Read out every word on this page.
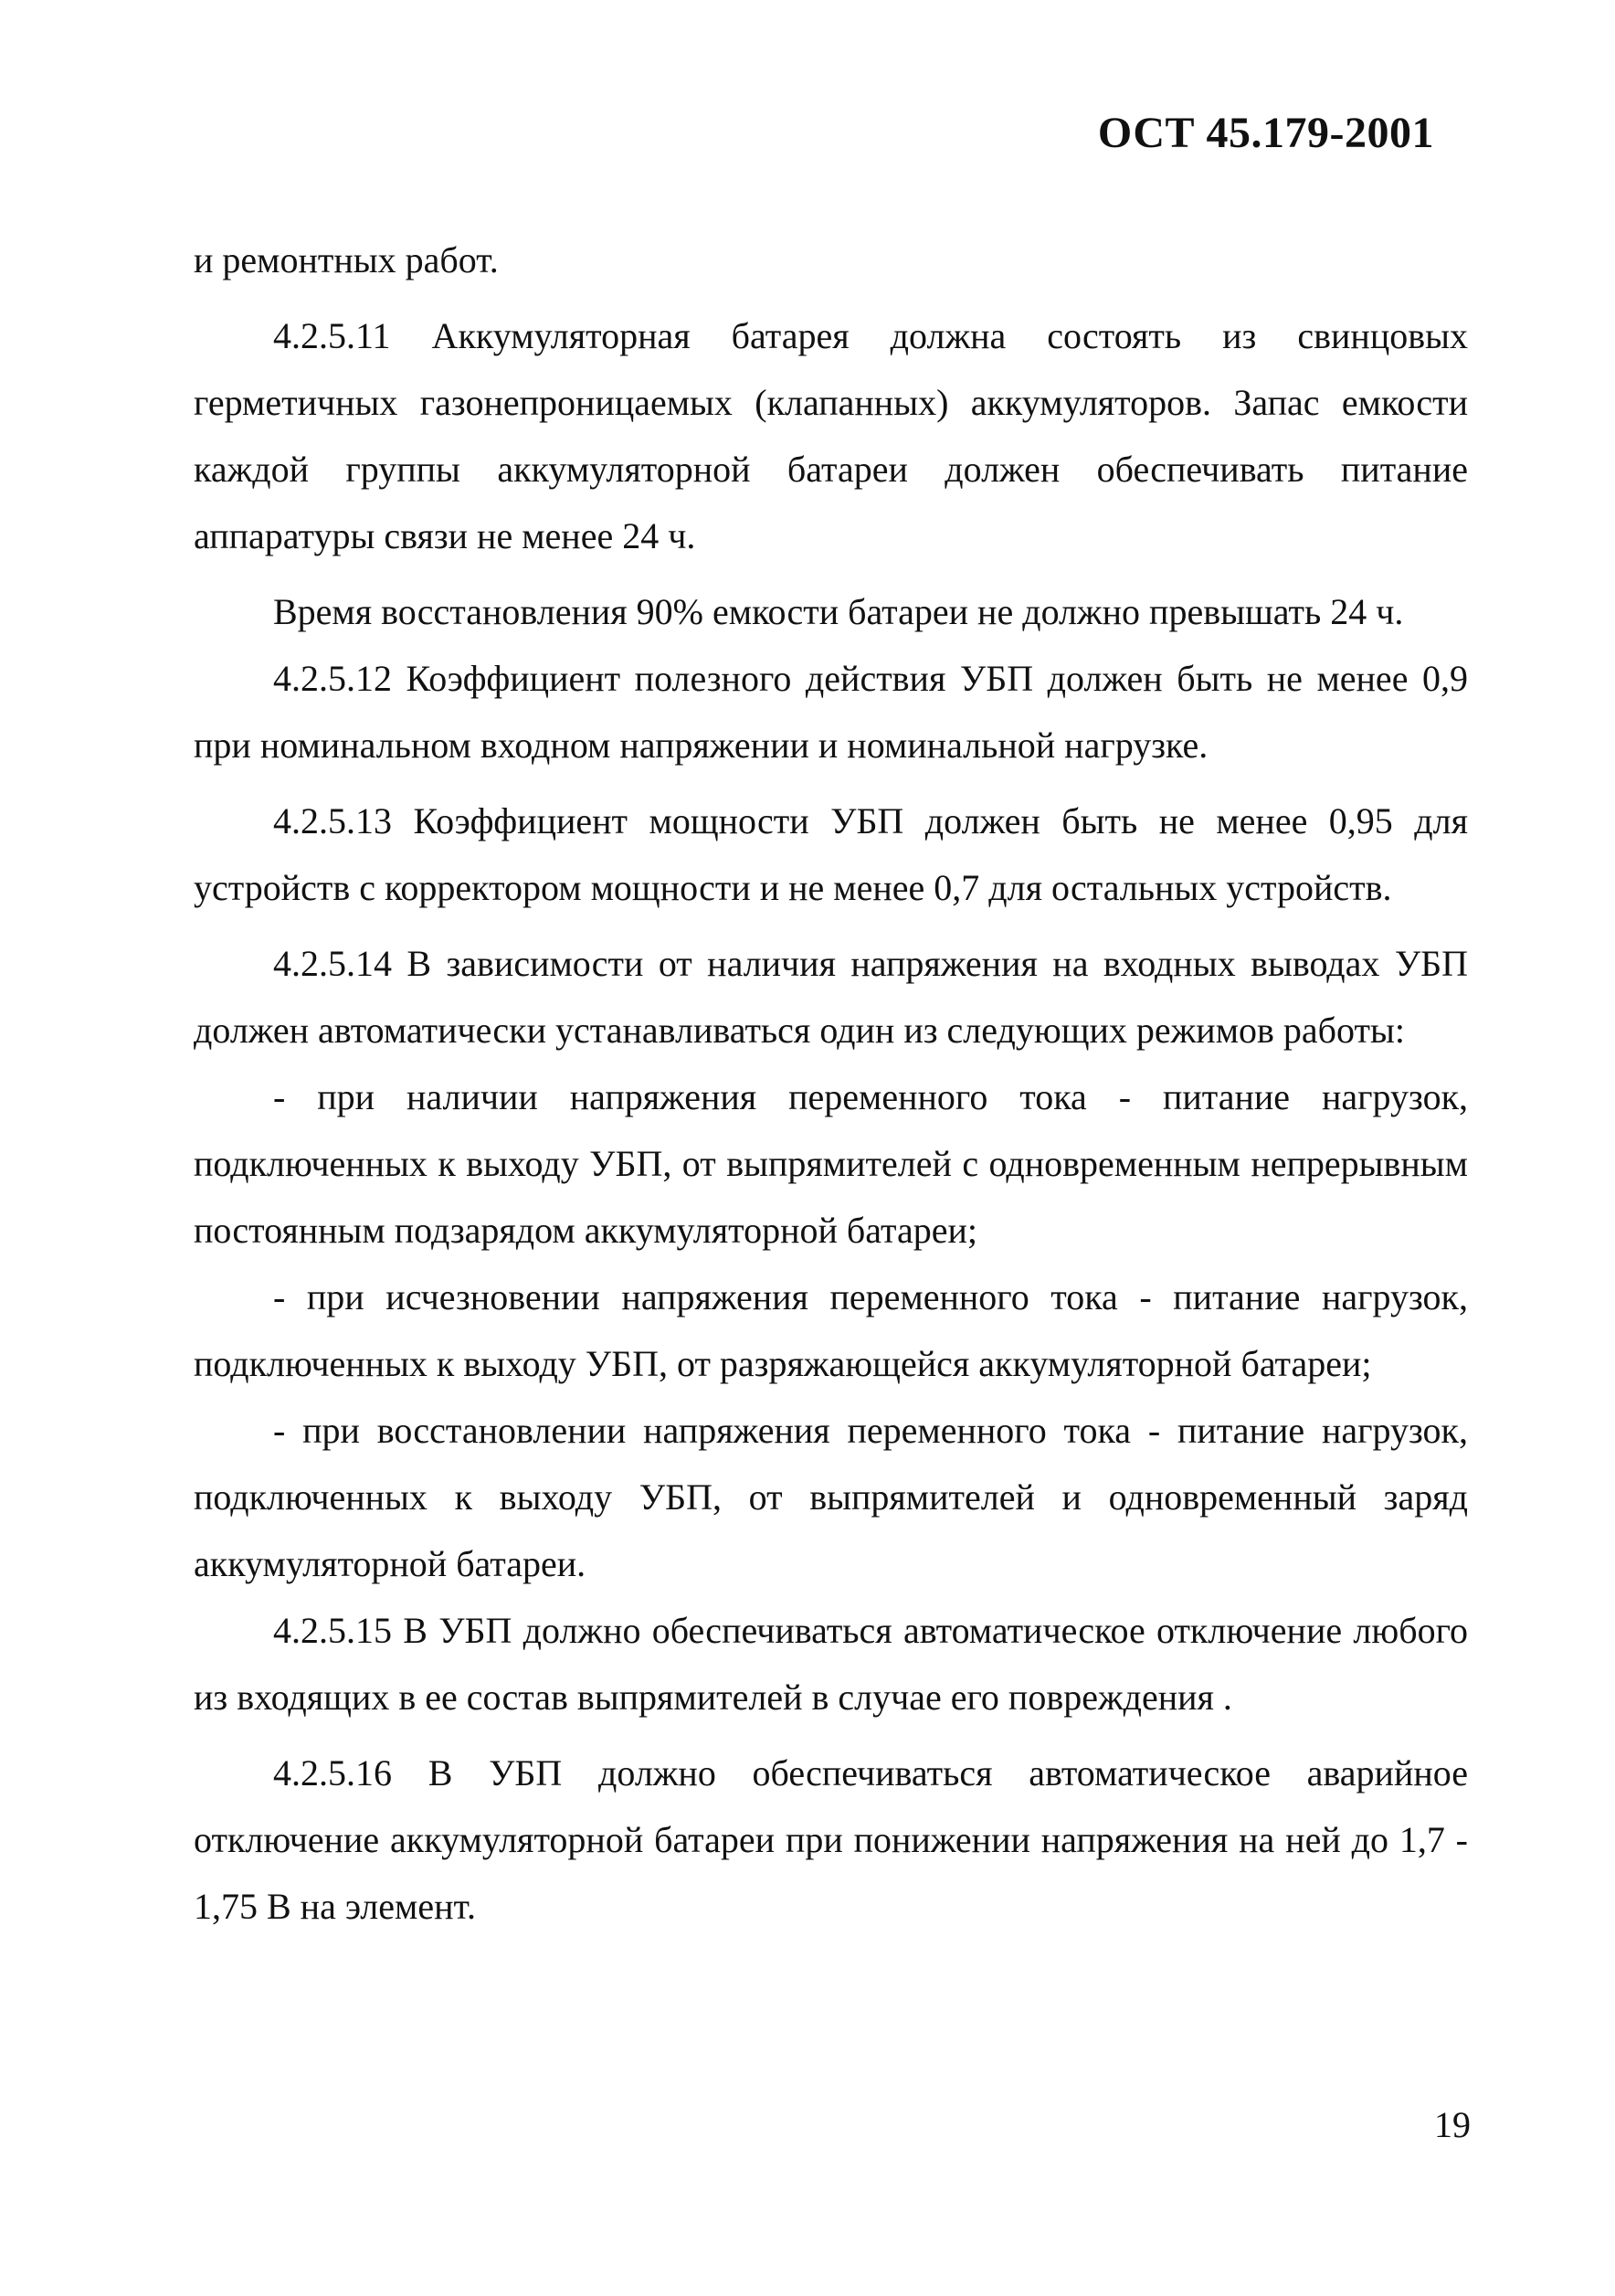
ОСТ 45.179-2001

и ремонтных работ.

4.2.5.11 Аккумуляторная батарея должна состоять из свинцовых герметичных газонепроницаемых (клапанных) аккумуляторов. Запас емкости каждой группы аккумуляторной батареи должен обеспечивать питание аппаратуры связи не менее 24 ч.

Время восстановления 90% емкости батареи не должно превышать 24 ч.

4.2.5.12 Коэффициент полезного действия УБП должен быть не менее 0,9 при номинальном входном напряжении и номинальной нагрузке.

4.2.5.13 Коэффициент мощности УБП должен быть не менее 0,95 для устройств с корректором мощности и не менее 0,7 для остальных устройств.

4.2.5.14 В зависимости от наличия напряжения на входных выводах УБП должен автоматически устанавливаться один из следующих режимов работы:

- при наличии напряжения переменного тока - питание нагрузок, подключенных к выходу УБП, от выпрямителей с одновременным непрерывным постоянным подзарядом аккумуляторной батареи;

- при исчезновении напряжения переменного тока - питание нагрузок, подключенных к выходу УБП, от разряжающейся аккумуляторной батареи;

- при восстановлении напряжения переменного тока - питание нагрузок, подключенных к выходу УБП, от выпрямителей и одновременный заряд аккумуляторной батареи.

4.2.5.15 В УБП должно обеспечиваться автоматическое отключение любого из входящих в ее состав выпрямителей в случае его повреждения .

4.2.5.16 В УБП должно обеспечиваться автоматическое аварийное отключение аккумуляторной батареи при понижении напряжения на ней до 1,7 - 1,75 В на элемент.

19
